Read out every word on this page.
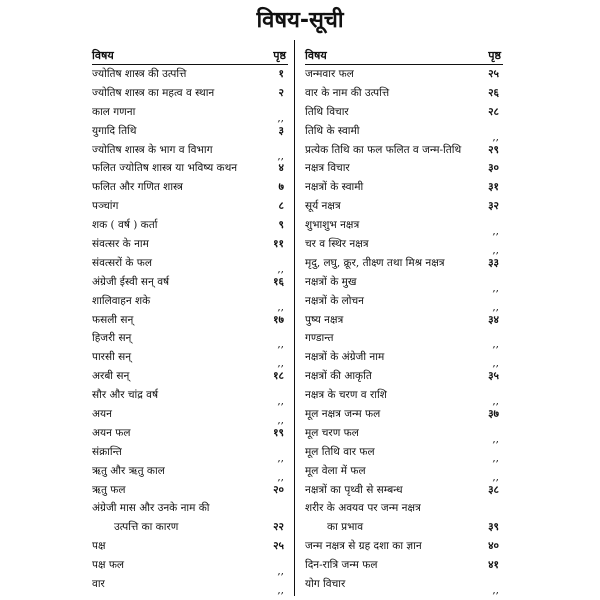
विषय-सूची
विषय	पृष्ठ
ज्योतिष शास्त्र की उत्पत्ति	१
ज्योतिष शास्त्र का महत्व व स्थान	२
काल गणना	,,
युगादि तिथि	३
ज्योतिष शास्त्र के भाग व विभाग	,,
फलित ज्योतिष शास्त्र या भविष्य कथन	४
फलित और गणित शास्त्र	७
पञ्चांग	८
शक ( वर्ष ) कर्ता	९
संवत्सर के नाम	११
संवत्सरों के फल	,,
अंग्रेजी ईस्वी सन् वर्ष	१६
शालिवाहन शके	,,
फसली सन्	१७
हिजरी सन्	,,
पारसी सन्	,,
अरबी सन्	१८
सौर और चांद्र वर्ष	,,
अयन	,,
अयन फल	१९
संक्रान्ति	,,
ऋतु और ऋतु काल	,,
ऋतु फल	२०
अंग्रेजी मास और उनके नाम की
उत्पत्ति का कारण	२२
पक्ष	२५
पक्ष फल	,,
वार	,,
विषय	पृष्ठ
जन्मवार फल	२५
वार के नाम की उत्पत्ति	२६
तिथि विचार	२८
तिथि के स्वामी	,,
प्रत्येक तिथि का फल फलित व जन्म-तिथि	२९
नक्षत्र विचार	३०
नक्षत्रों के स्वामी	३१
सूर्य नक्षत्र	३२
शुभाशुभ नक्षत्र	,,
चर व स्थिर नक्षत्र	,,
मृदु, लघु, क्रूर, तीक्ष्ण तथा मिश्र नक्षत्र	३३
नक्षत्रों के मुख	,,
नक्षत्रों के लोचन	,,
पुष्य नक्षत्र	३४
गण्डान्त	,,
नक्षत्रों के अंग्रेजी नाम	,,
नक्षत्रों की आकृति	३५
नक्षत्र के चरण व राशि	,,
मूल नक्षत्र जन्म फल	३७
मूल चरण फल	,,
मूल तिथि वार फल	,,
मूल वेला में फल	,,
नक्षत्रों का पृथ्वी से सम्बन्ध	३८
शरीर के अवयव पर जन्म नक्षत्र
का प्रभाव	३९
जन्म नक्षत्र से ग्रह दशा का ज्ञान	४०
दिन-रात्रि जन्म फल	४१
योग विचार	,,
